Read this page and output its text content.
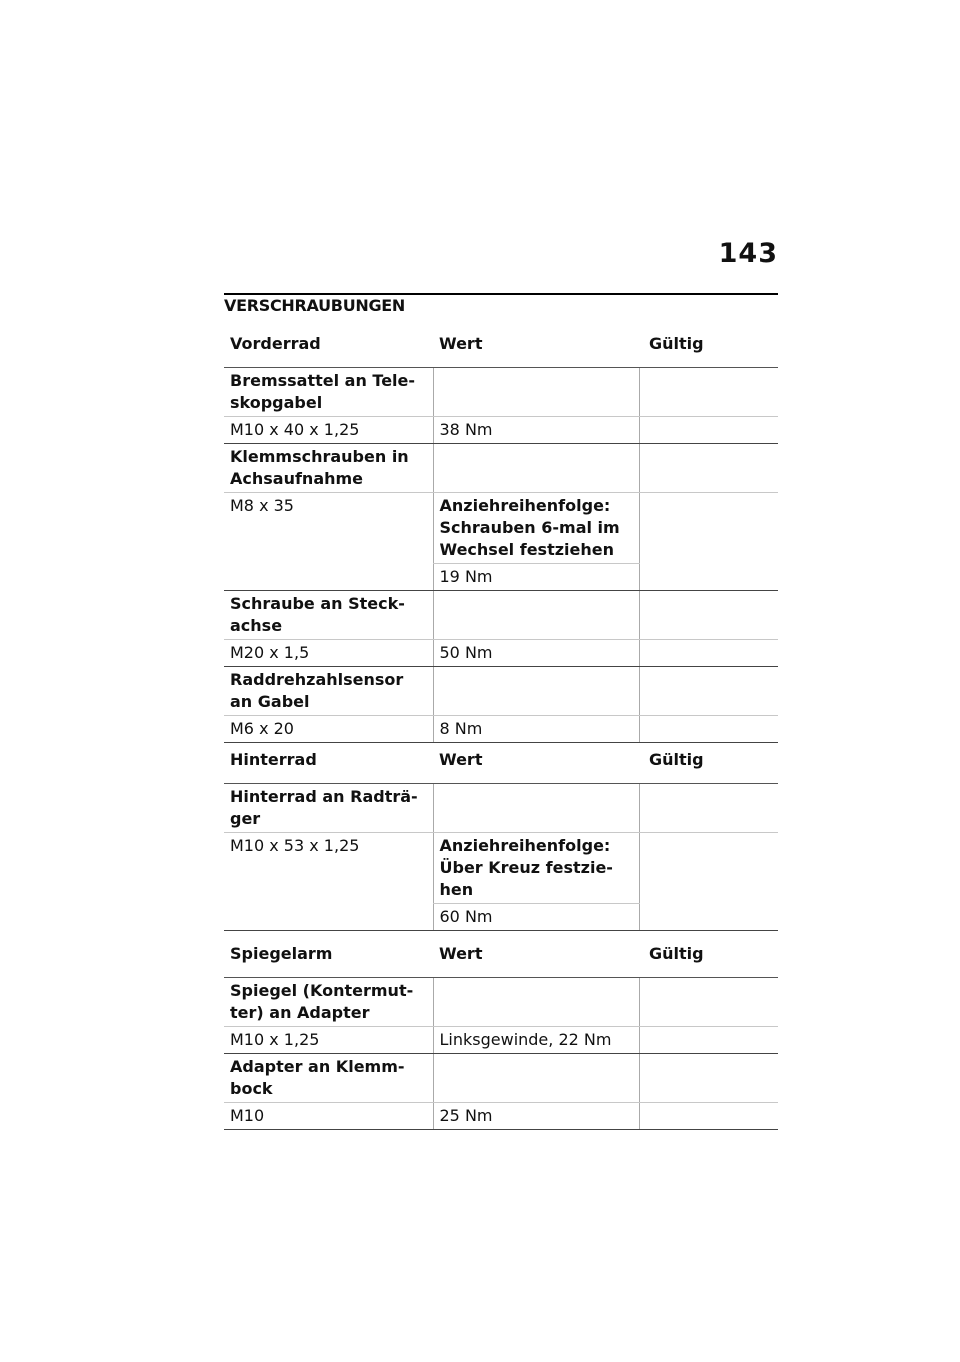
143
VERSCHRAUBUNGEN
Vorderrad	Wert	Gültig
Bremssattel an Tele-skopgabel		
M10 x 40 x 1,25	38 Nm	
Klemmschrauben in Achsaufnahme		
M8 x 35	Anziehreihenfolge: Schrauben 6-mal im Wechsel festziehen	
	19 Nm	
Schraube an Steck-achse		
M20 x 1,5	50 Nm	
Raddrehzahlsensor an Gabel		
M6 x 20	8 Nm	
Hinterrad	Wert	Gültig
Hinterrad an Radträ-ger		
M10 x 53 x 1,25	Anziehreihenfolge: Über Kreuz festzie-hen	
	60 Nm	
Spiegelarm	Wert	Gültig
Spiegel (Kontermut-ter) an Adapter		
M10 x 1,25	Linksgewinde, 22 Nm	
Adapter an Klemm-bock		
M10	25 Nm	
